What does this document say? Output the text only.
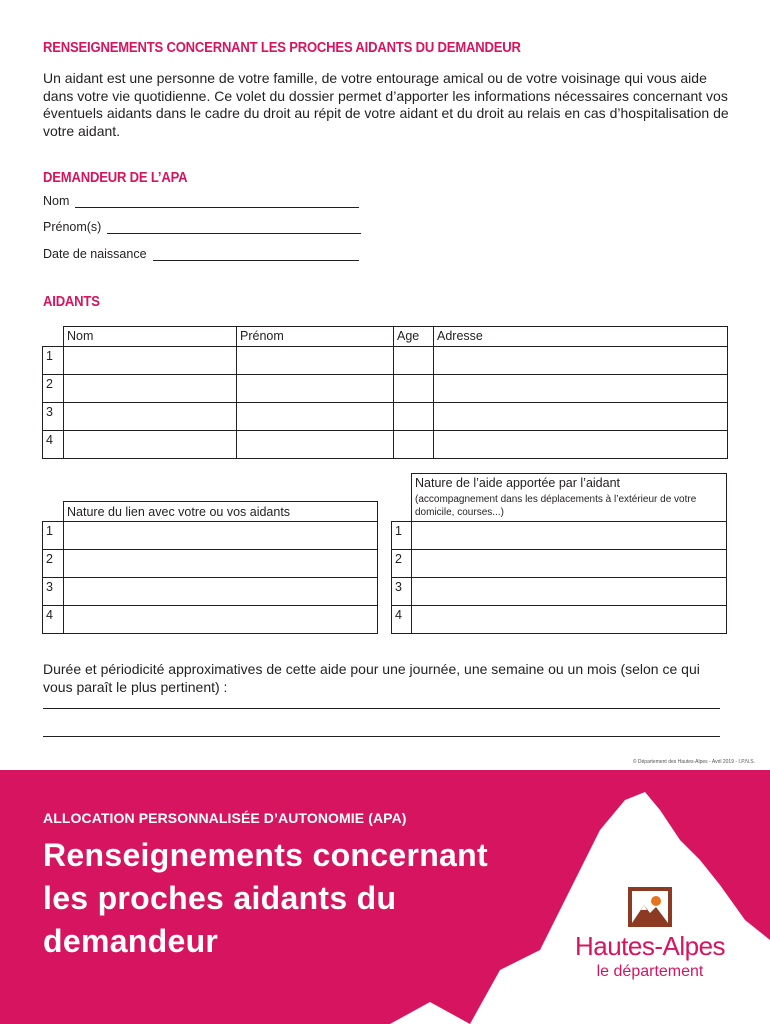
RENSEIGNEMENTS CONCERNANT LES PROCHES AIDANTS DU DEMANDEUR
Un aidant est une personne de votre famille, de votre entourage amical ou de votre voisinage qui vous aide dans votre vie quotidienne. Ce volet du dossier permet d’apporter les informations nécessaires concernant vos éventuels aidants dans le cadre du droit au répit de votre aidant et du droit au relais en cas d’hospitalisation de votre aidant.
DEMANDEUR DE L’APA
Nom
Prénom(s)
Date de naissance
AIDANTS
	Nom	Prénom	Age	Adresse
1				
2				
3				
4				
	Nature du lien avec votre ou vos aidants
1	
2	
3	
4	

	Nature de l’aide apportée par l’aidant
(accompagnement dans les déplacements à l’extérieur de votre domicile, courses...)

1	
2	
3	
4	
Durée et périodicité approximatives de cette aide pour une journée, une semaine ou un mois (selon ce qui vous paraît le plus pertinent) :
© Département des Hautes-Alpes - Avril 2019 - I.P.N.S.
ALLOCATION PERSONNALISÉE D’AUTONOMIE (APA)
Renseignements concernant les proches aidants du demandeur	Hautes-Alpes
le département
